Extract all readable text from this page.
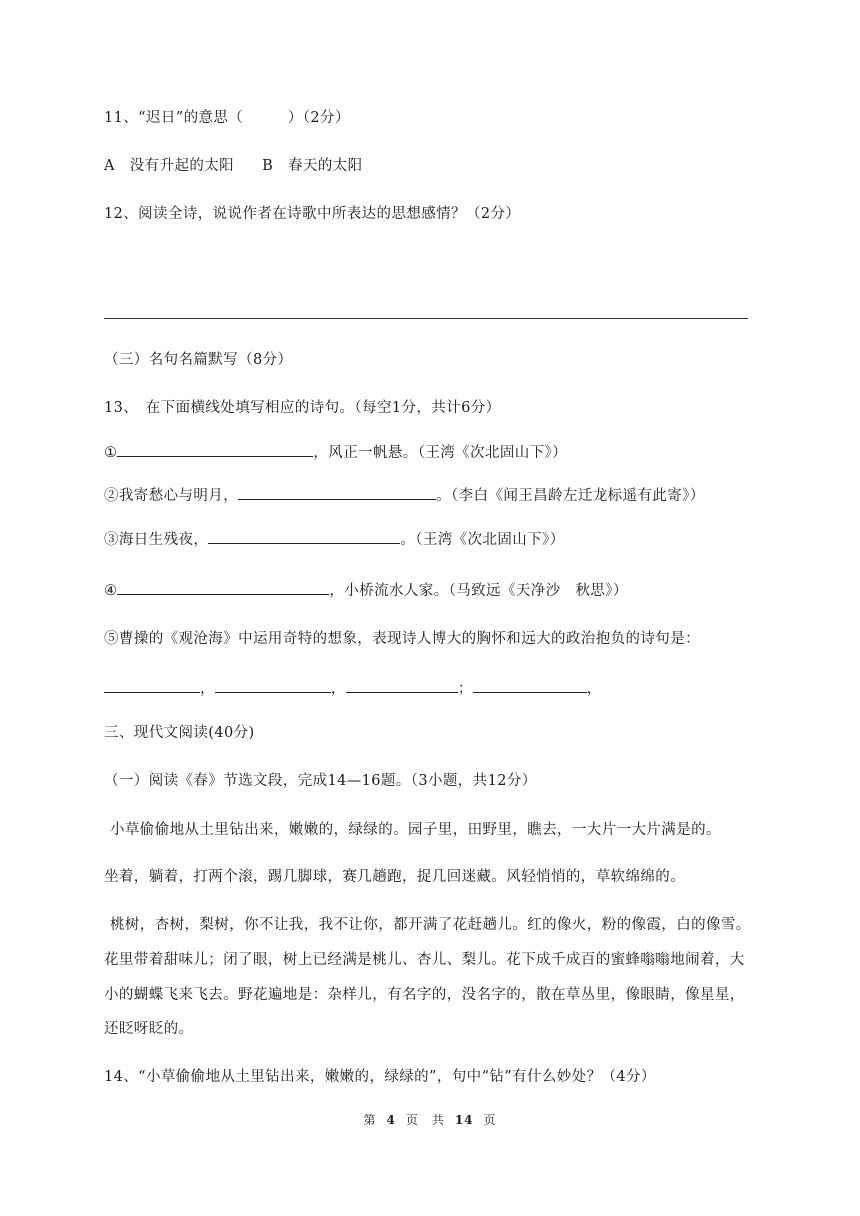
11、“迟日”的意思（　　　）（2分）

A　没有升起的太阳 B　春天的太阳

12、阅读全诗，说说作者在诗歌中所表达的思想感情？（2分）

（三）名句名篇默写（8分）

13、　在下面横线处填写相应的诗句。（每空1分，共计6分）

①	，风正一帆悬。（王湾《次北固山下》）

②我寄愁心与明月，	。（李白《闻王昌龄左迁龙标遥有此寄》）

③海日生残夜，	。（王湾《次北固山下》）

④	，小桥流水人家。（马致远《天净沙　秋思》）

⑤曹操的《观沧海》中运用奇特的想象，表现诗人博大的胸怀和远大的政治抱负的诗句是：

，	，	；	，

三、现代文阅读(40分)

（一）阅读《春》节选文段，完成14—16题。（3小题，共12分）

小草偷偷地从土里钻出来，嫩嫩的，绿绿的。园子里，田野里，瞧去，一大片一大片满是的。

坐着，躺着，打两个滚，踢几脚球，赛几趟跑，捉几回迷藏。风轻悄悄的，草软绵绵的。

桃树，杏树，梨树，你不让我，我不让你，都开满了花赶趟儿。红的像火，粉的像霞，白的像雪。

花里带着甜味儿；闭了眼，树上已经满是桃儿、杏儿、梨儿。花下成千成百的蜜蜂嗡嗡地闹着，大

小的蝴蝶飞来飞去。野花遍地是：杂样儿，有名字的，没名字的，散在草丛里，像眼睛，像星星，

还眨呀眨的。

14、“小草偷偷地从土里钻出来，嫩嫩的，绿绿的”，句中“钻”有什么妙处？（4分）

第 4 页　共 14 页
